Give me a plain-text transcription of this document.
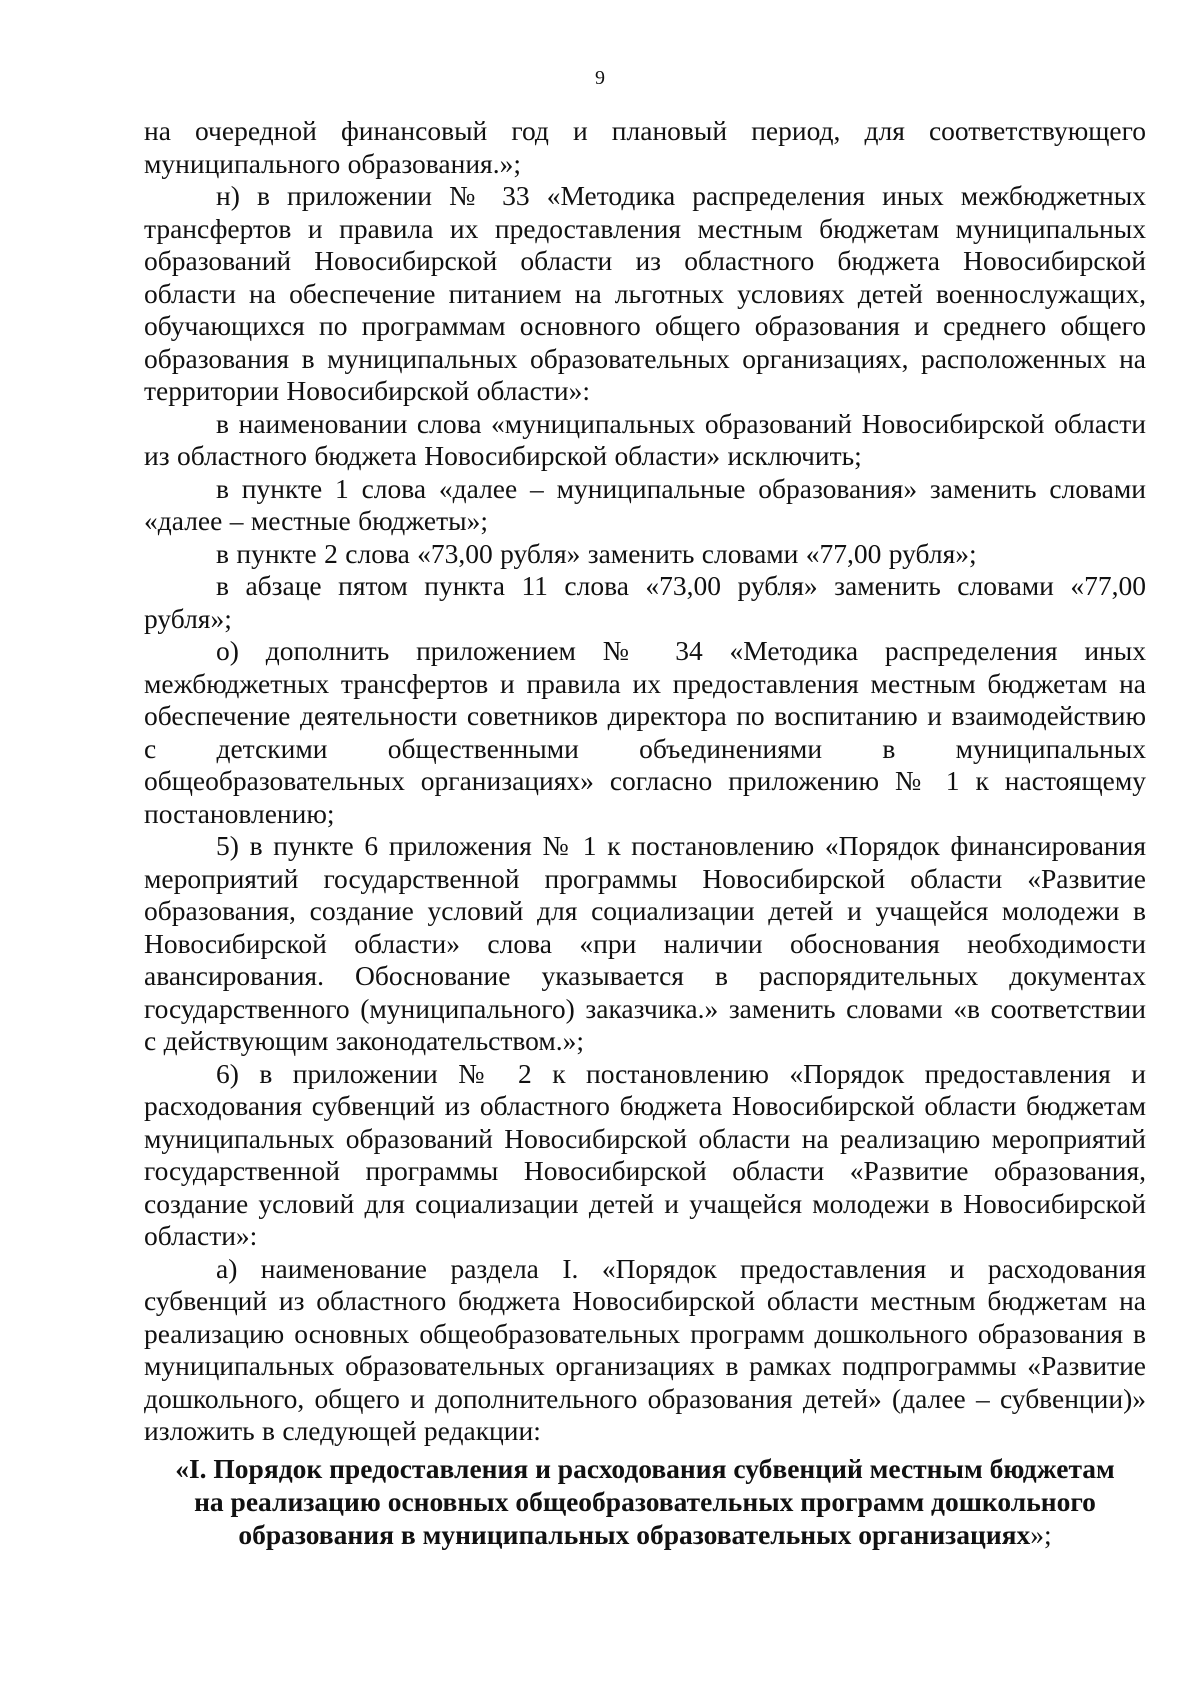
9

на очередной финансовый год и плановый период, для соответствующего муниципального образования.»;

н) в приложении № 33 «Методика распределения иных межбюджетных трансфертов и правила их предоставления местным бюджетам муниципальных образований Новосибирской области из областного бюджета Новосибирской области на обеспечение питанием на льготных условиях детей военнослужащих, обучающихся по программам основного общего образования и среднего общего образования в муниципальных образовательных организациях, расположенных на территории Новосибирской области»:

в наименовании слова «муниципальных образований Новосибирской области из областного бюджета Новосибирской области» исключить;

в пункте 1 слова «далее – муниципальные образования» заменить словами «далее – местные бюджеты»;

в пункте 2 слова «73,00 рубля» заменить словами «77,00 рубля»;

в абзаце пятом пункта 11 слова «73,00 рубля» заменить словами «77,00 рубля»;

о) дополнить приложением № 34 «Методика распределения иных межбюджетных трансфертов и правила их предоставления местным бюджетам на обеспечение деятельности советников директора по воспитанию и взаимодействию с детскими общественными объединениями в муниципальных общеобразовательных организациях» согласно приложению № 1 к настоящему постановлению;

5) в пункте 6 приложения № 1 к постановлению «Порядок финансирования мероприятий государственной программы Новосибирской области «Развитие образования, создание условий для социализации детей и учащейся молодежи в Новосибирской области» слова «при наличии обоснования необходимости авансирования. Обоснование указывается в распорядительных документах государственного (муниципального) заказчика.» заменить словами «в соответствии с действующим законодательством.»;

6) в приложении № 2 к постановлению «Порядок предоставления и расходования субвенций из областного бюджета Новосибирской области бюджетам муниципальных образований Новосибирской области на реализацию мероприятий государственной программы Новосибирской области «Развитие образования, создание условий для социализации детей и учащейся молодежи в Новосибирской области»:

а) наименование раздела I. «Порядок предоставления и расходования субвенций из областного бюджета Новосибирской области местным бюджетам на реализацию основных общеобразовательных программ дошкольного образования в муниципальных образовательных организациях в рамках подпрограммы «Развитие дошкольного, общего и дополнительного образования детей» (далее – субвенции)» изложить в следующей редакции:

«I. Порядок предоставления и расходования субвенций местным бюджетам
на реализацию основных общеобразовательных программ дошкольного
образования в муниципальных образовательных организациях»;
